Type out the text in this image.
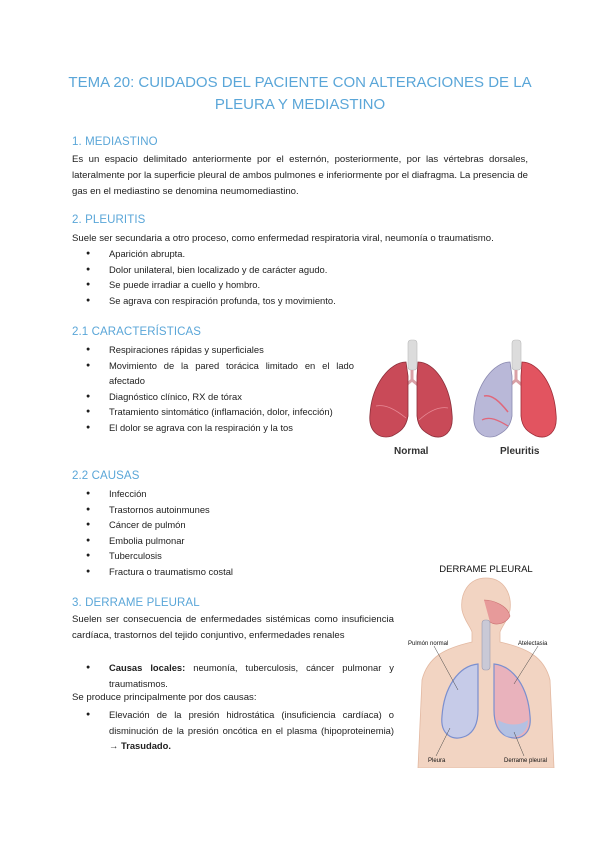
TEMA 20: CUIDADOS DEL PACIENTE CON ALTERACIONES DE LA
PLEURA Y MEDIASTINO
1. MEDIASTINO
Es un espacio delimitado anteriormente por el esternón, posteriormente, por las vértebras dorsales, lateralmente por la superficie pleural de ambos pulmones e inferiormente por el diafragma. La presencia de gas en el mediastino se denomina neumomediastino.
2. PLEURITIS
Suele ser secundaria a otro proceso, como enfermedad respiratoria viral, neumonía o traumatismo.
● Aparición abrupta.
● Dolor unilateral, bien localizado y de carácter agudo.
● Se puede irradiar a cuello y hombro.
● Se agrava con respiración profunda, tos y movimiento.
2.1 CARACTERÍSTICAS
● Respiraciones rápidas y superficiales
● Movimiento de la pared torácica limitado en el lado afectado
● Diagnóstico clínico, RX de tórax
● Tratamiento sintomático (inflamación, dolor, infección)
● El dolor se agrava con la respiración y la tos
Normal	Pleuritis
2.2 CAUSAS
● Infección
● Trastornos autoinmunes
● Cáncer de pulmón
● Embolia pulmonar
● Tuberculosis
● Fractura o traumatismo costal
3. DERRAME PLEURAL
Suelen ser consecuencia de enfermedades sistémicas como insuficiencia cardíaca, trastornos del tejido conjuntivo, enfermedades renales
● Causas locales: neumonía, tuberculosis, cáncer pulmonar y traumatismos.
Se produce principalmente por dos causas:
● Elevación de la presión hidrostática (insuficiencia cardíaca) o disminución de la presión oncótica en el plasma (hipoproteinemia) → Trasudado.
DERRAME PLEURAL
Pulmón normal	Atelectasia
Pleura	Derrame pleural
